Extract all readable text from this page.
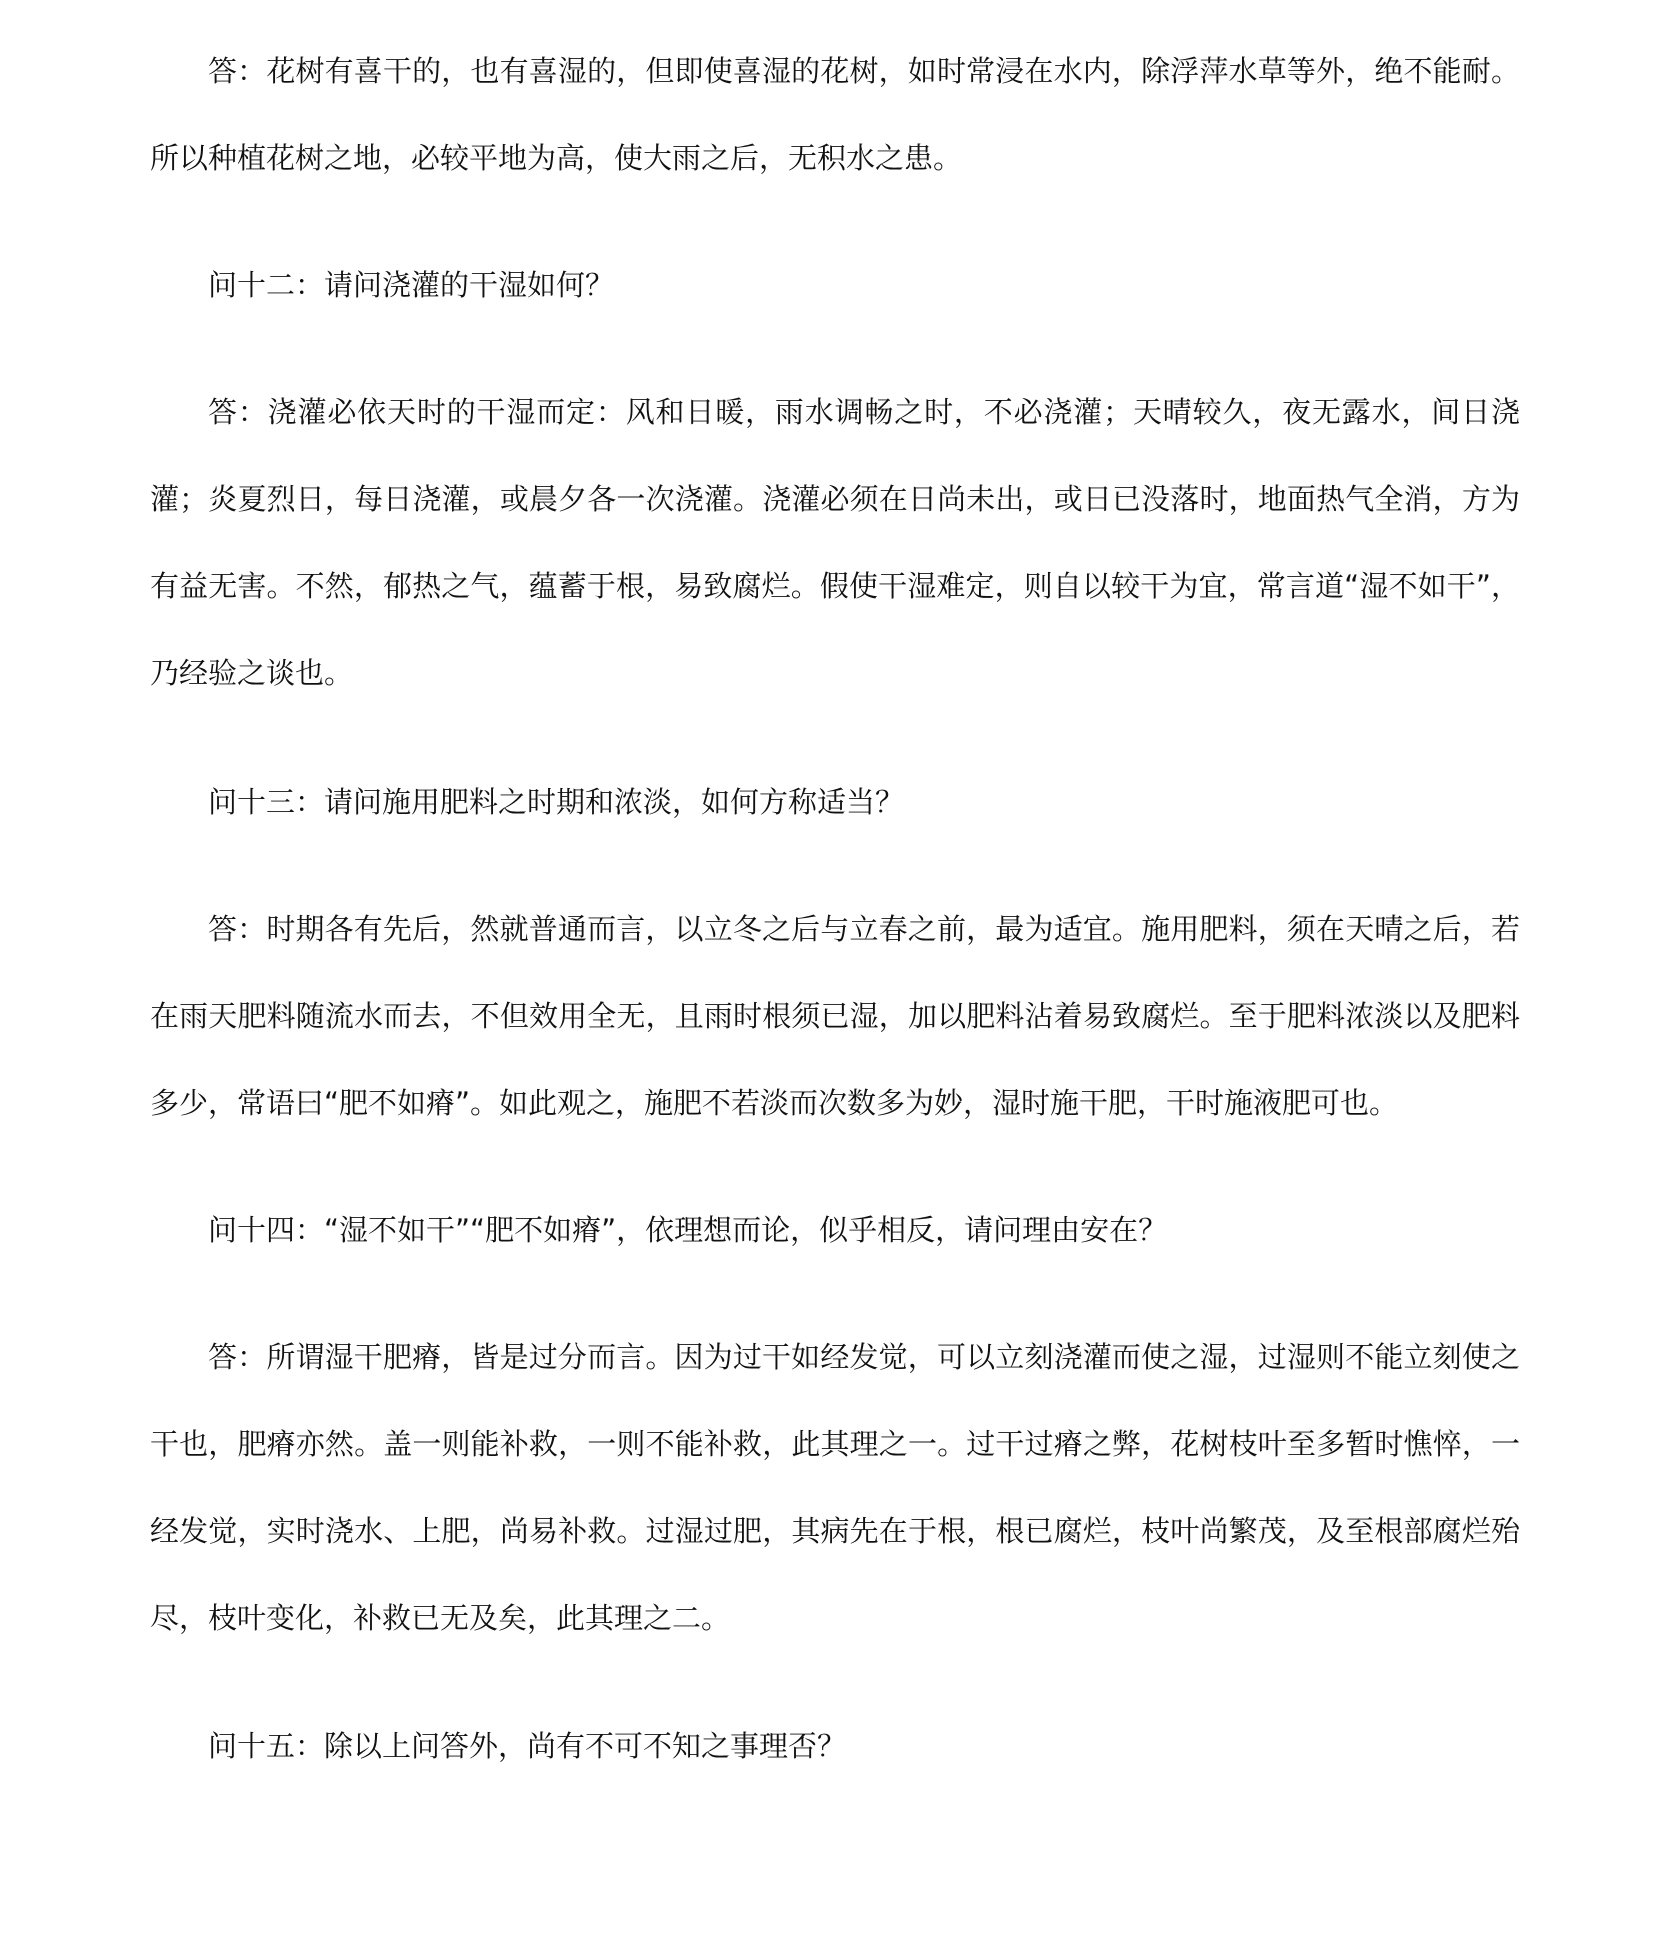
答：花树有喜干的，也有喜湿的，但即使喜湿的花树，如时常浸在水内，除浮萍水草等外，绝不能耐。所以种植花树之地，必较平地为高，使大雨之后，无积水之患。

问十二：请问浇灌的干湿如何？

答：浇灌必依天时的干湿而定：风和日暖，雨水调畅之时，不必浇灌；天晴较久，夜无露水，间日浇灌；炎夏烈日，每日浇灌，或晨夕各一次浇灌。浇灌必须在日尚未出，或日已没落时，地面热气全消，方为有益无害。不然，郁热之气，蕴蓄于根，易致腐烂。假使干湿难定，则自以较干为宜，常言道“湿不如干”，乃经验之谈也。

问十三：请问施用肥料之时期和浓淡，如何方称适当？

答：时期各有先后，然就普通而言，以立冬之后与立春之前，最为适宜。施用肥料，须在天晴之后，若在雨天肥料随流水而去，不但效用全无，且雨时根须已湿，加以肥料沾着易致腐烂。至于肥料浓淡以及肥料多少，常语曰“肥不如瘠”。如此观之，施肥不若淡而次数多为妙，湿时施干肥，干时施液肥可也。

问十四：“湿不如干”“肥不如瘠”，依理想而论，似乎相反，请问理由安在？

答：所谓湿干肥瘠，皆是过分而言。因为过干如经发觉，可以立刻浇灌而使之湿，过湿则不能立刻使之干也，肥瘠亦然。盖一则能补救，一则不能补救，此其理之一。过干过瘠之弊，花树枝叶至多暂时憔悴，一经发觉，实时浇水、上肥，尚易补救。过湿过肥，其病先在于根，根已腐烂，枝叶尚繁茂，及至根部腐烂殆尽，枝叶变化，补救已无及矣，此其理之二。

问十五：除以上问答外，尚有不可不知之事理否？
